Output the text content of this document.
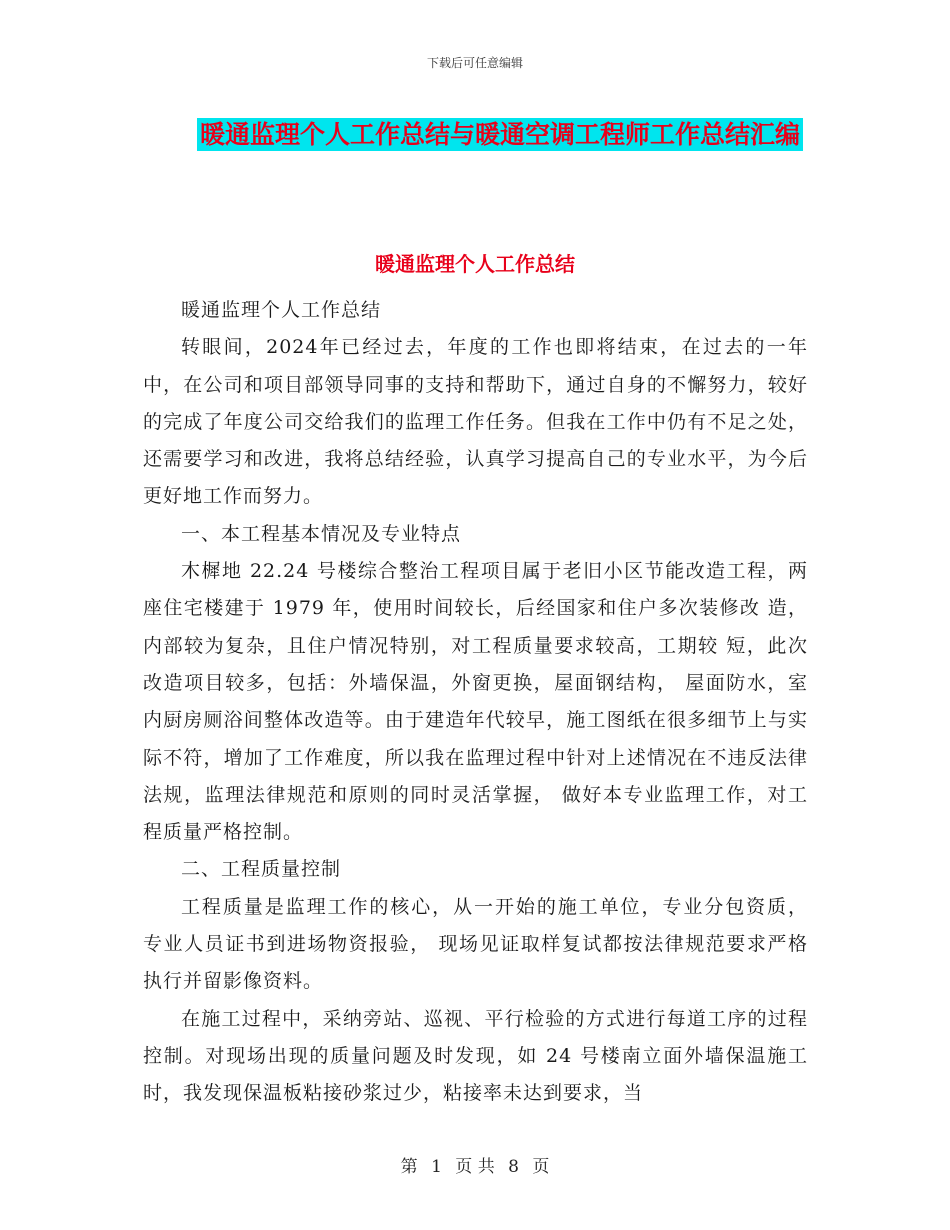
下载后可任意编辑
暖通监理个人工作总结与暖通空调工程师工作总结汇编
暖通监理个人工作总结

暖通监理个人工作总结

转眼间，2024年已经过去，年度的工作也即将结束，在过去的一年中，在公司和项目部领导同事的支持和帮助下，通过自身的不懈努力，较好的完成了年度公司交给我们的监理工作任务。但我在工作中仍有不足之处，还需要学习和改进，我将总结经验，认真学习提高自己的专业水平，为今后更好地工作而努力。

一、本工程基本情况及专业特点

木樨地 22.24 号楼综合整治工程项目属于老旧小区节能改造工程，两 座住宅楼建于 1979 年，使用时间较长，后经国家和住户多次装修改 造，内部较为复杂，且住户情况特别，对工程质量要求较高，工期较 短，此次改造项目较多，包括：外墙保温，外窗更换，屋面钢结构， 屋面防水，室内厨房厕浴间整体改造等。由于建造年代较早，施工图纸在很多细节上与实际不符，增加了工作难度，所以我在监理过程中针对上述情况在不违反法律法规，监理法律规范和原则的同时灵活掌握， 做好本专业监理工作，对工程质量严格控制。

二、工程质量控制

工程质量是监理工作的核心，从一开始的施工单位，专业分包资质， 专业人员证书到进场物资报验， 现场见证取样复试都按法律规范要求严格 执行并留影像资料。

在施工过程中，采纳旁站、巡视、平行检验的方式进行每道工序的过程控制。对现场出现的质量问题及时发现，如 24 号楼南立面外墙保温施工时，我发现保温板粘接砂浆过少，粘接率未达到要求，当

第 1 页 共 8 页
